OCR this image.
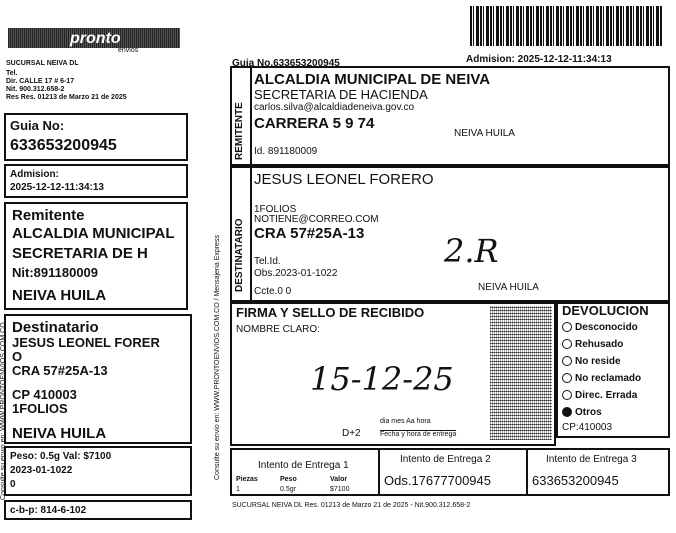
pronto
envios
SUCURSAL NEIVA DL
Tel.
Dir. CALLE 17 # 6-17
Nit. 900.312.658-2
Res Res. 01213 de Marzo 21 de 2025
Guia No:
633653200945
Admision:
2025-12-12-11:34:13
Remitente
ALCALDIA MUNICIPAL
SECRETARIA DE H
Nit:891180009
NEIVA HUILA
Destinatario
JESUS LEONEL FORER
O
CRA 57#25A-13
CP 410003
1FOLIOS
NEIVA HUILA
Peso: 0.5g Val: $7100
2023-01-1022
0
c-b-p: 814-6-102
Consulte su envio en: WWW.PRONTOENVIOS.COM.CO
Guia No.633653200945	Admision: 2025-12-12-11:34:13
REMITENTE
ALCALDIA MUNICIPAL DE NEIVA
SECRETARIA DE HACIENDA
carlos.silva@alcaldiadeneiva.gov.co
CARRERA 5 9 74
NEIVA HUILA
Id. 891180009
DESTINATARIO
JESUS LEONEL FORERO
1FOLIOS
NOTIENE@CORREO.COM
CRA 57#25A-13
Tel.Id.
Obs.2023-01-1022
Ccte.0 0	NEIVA HUILA
2.R
FIRMA Y SELLO DE RECIBIDO
NOMBRE CLARO:
15-12-25
dia mes Aa hora
Fecha y hora de entrega
D+2
DEVOLUCION
Desconocido
Rehusado
No reside
No reclamado
Direc. Errada
Otros
CP:410003
Consulte su envio en: WWW.PRONTOENVIOS.COM.CO / Mensajeria Express	Intento de Entrega 1
Intento de Entrega 2	Intento de Entrega 3
Piezas	Peso	Valor
1	0.5gr	$7100
Ods.17677700945	633653200945
SUCURSAL NEIVA DL Res. 01213 de Marzo 21 de 2025 - Nit.900.312.658-2
